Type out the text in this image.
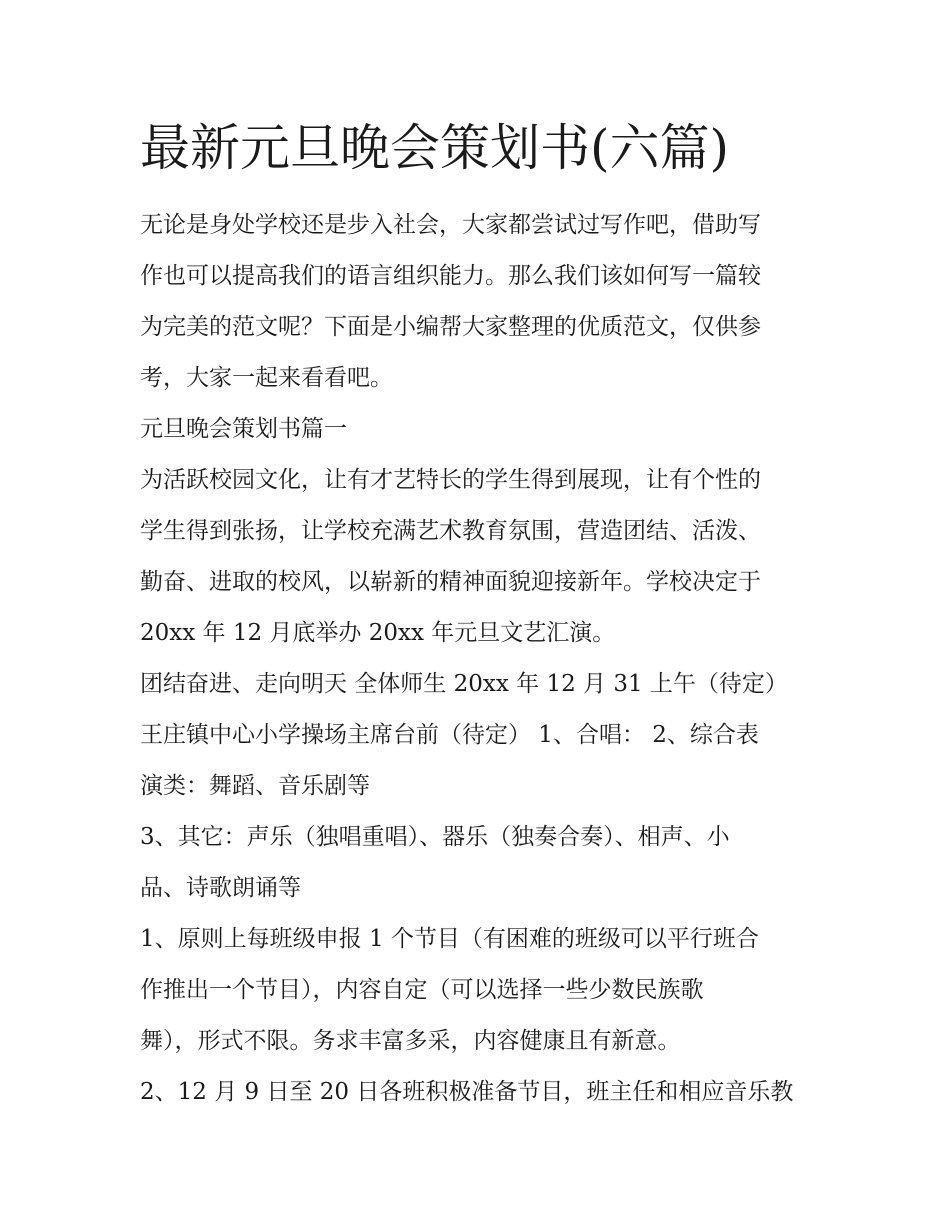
最新元旦晚会策划书(六篇)

无论是身处学校还是步入社会，大家都尝试过写作吧，借助写
作也可以提高我们的语言组织能力。那么我们该如何写一篇较
为完美的范文呢？下面是小编帮大家整理的优质范文，仅供参
考，大家一起来看看吧。

元旦晚会策划书篇一

为活跃校园文化，让有才艺特长的学生得到展现，让有个性的
学生得到张扬，让学校充满艺术教育氛围，营造团结、活泼、
勤奋、进取的校风，以崭新的精神面貌迎接新年。学校决定于
20xx 年 12 月底举办 20xx 年元旦文艺汇演。

团结奋进、走向明天 全体师生 20xx 年 12 月 31 上午（待定）
王庄镇中心小学操场主席台前（待定） 1、合唱： 2、综合表
演类：舞蹈、音乐剧等

3、其它：声乐（独唱重唱）、器乐（独奏合奏）、相声、小
品、诗歌朗诵等

1、原则上每班级申报 1 个节目（有困难的班级可以平行班合
作推出一个节目），内容自定（可以选择一些少数民族歌
舞），形式不限。务求丰富多采，内容健康且有新意。

2、12 月 9 日至 20 日各班积极准备节目，班主任和相应音乐教
